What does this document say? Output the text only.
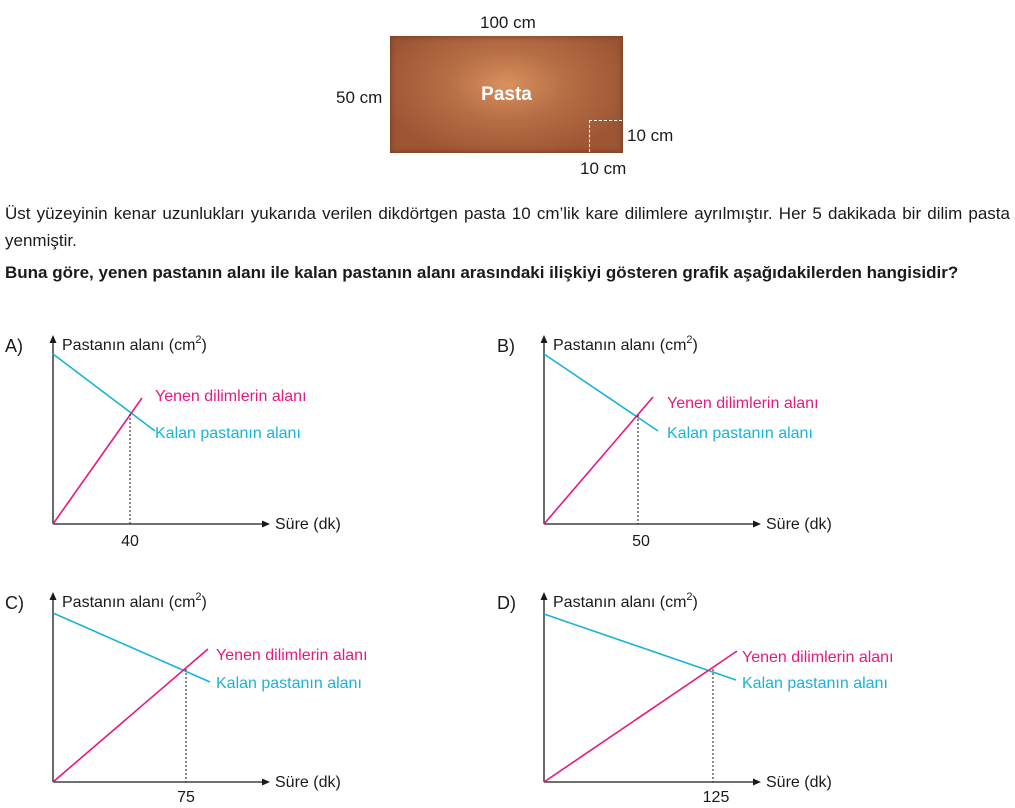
100 cm
50 cm	Pasta
10 cm
10 cm
Üst yüzeyinin kenar uzunlukları yukarıda verilen dikdörtgen pasta 10 cm’lik kare dilimlere ayrılmıştır. Her 5 dakikada bir dilim pasta yenmiştir.
Buna göre, yenen pastanın alanı ile kalan pastanın alanı arasındaki ilişkiyi gösteren grafik aşağıdakilerden hangisidir?
A) Pastanın alanı $(cm^2)$
Süre (dk)
40
Yenen dilimlerin alanı
Kalan pastanın alanı
B) Pastanın alanı $(cm^2)$
Süre (dk)
50
Yenen dilimlerin alanı
Kalan pastanın alanı
C) Pastanın alanı $(cm^2)$
Süre (dk)
75
Yenen dilimlerin alanı
Kalan pastanın alanı
D) Pastanın alanı $(cm^2)$
Süre (dk)
125
Yenen dilimlerin alanı
Kalan pastanın alanı
